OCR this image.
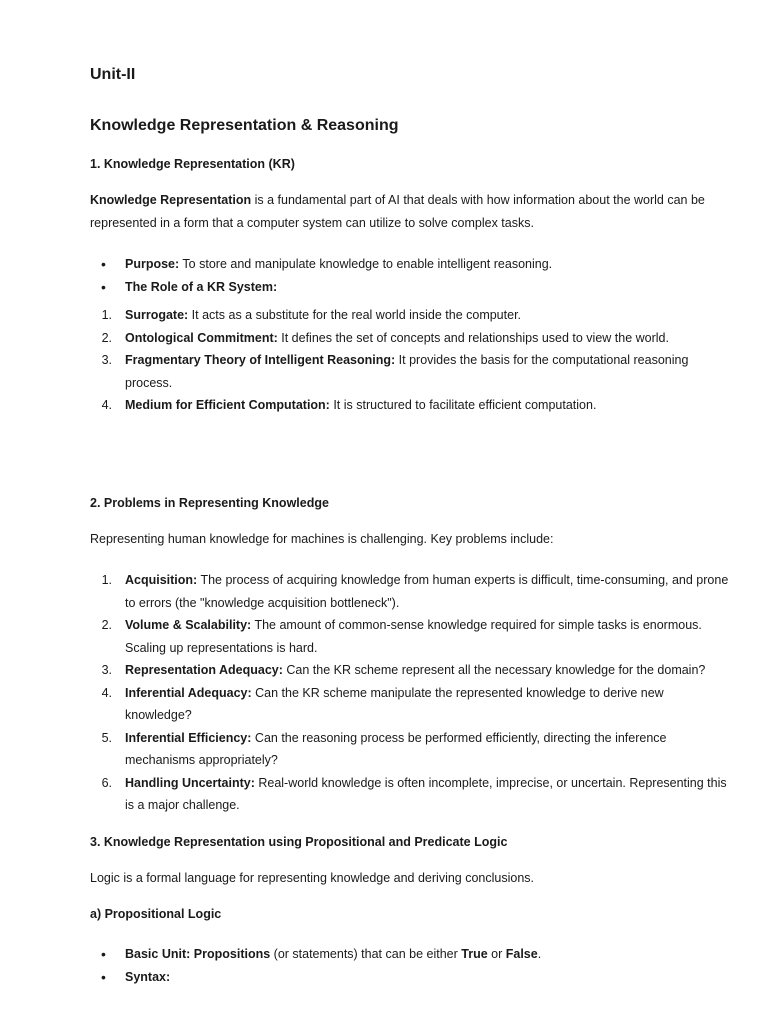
Unit-II
Knowledge Representation & Reasoning
1. Knowledge Representation (KR)

Knowledge Representation is a fundamental part of AI that deals with how information about the world can be represented in a form that a computer system can utilize to solve complex tasks.

• Purpose: To store and manipulate knowledge to enable intelligent reasoning.
• The Role of a KR System:
1. Surrogate: It acts as a substitute for the real world inside the computer.
2. Ontological Commitment: It defines the set of concepts and relationships used to view the world.
3. Fragmentary Theory of Intelligent Reasoning: It provides the basis for the computational reasoning process.
4. Medium for Efficient Computation: It is structured to facilitate efficient computation.
2. Problems in Representing Knowledge

Representing human knowledge for machines is challenging. Key problems include:

1. Acquisition: The process of acquiring knowledge from human experts is difficult, time-consuming, and prone to errors (the "knowledge acquisition bottleneck").
2. Volume & Scalability: The amount of common-sense knowledge required for simple tasks is enormous. Scaling up representations is hard.
3. Representation Adequacy: Can the KR scheme represent all the necessary knowledge for the domain?
4. Inferential Adequacy: Can the KR scheme manipulate the represented knowledge to derive new knowledge?
5. Inferential Efficiency: Can the reasoning process be performed efficiently, directing the inference mechanisms appropriately?
6. Handling Uncertainty: Real-world knowledge is often incomplete, imprecise, or uncertain. Representing this is a major challenge.
3. Knowledge Representation using Propositional and Predicate Logic

Logic is a formal language for representing knowledge and deriving conclusions.

a) Propositional Logic
• Basic Unit: Propositions (or statements) that can be either True or False.
• Syntax:
